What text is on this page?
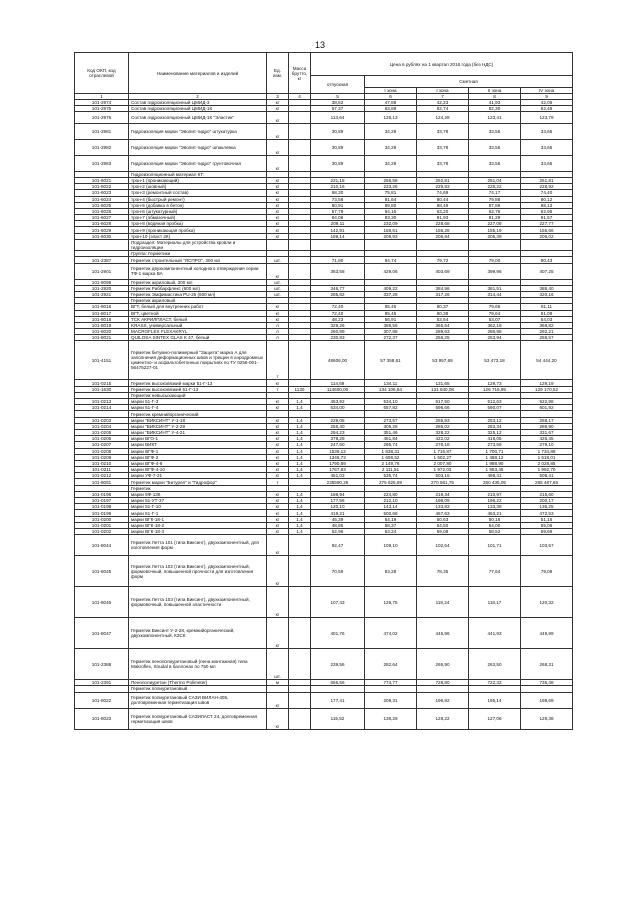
13
Код ОКП, код отраслевой	Наименование материалов и изделий	Ед. изм.	Масса брутто, кг	Цена в рублях на 1 квартал 2016 года (без НДС)				
				отпускная	Сметная			
					I зона	I зона	II зона	IV зона
1	2	3	4	5	6	7	8	9
101-2974	Состав гидроизоляционный ЦМИД-3	кг		38,52	47,88	42,23	41,93	42,06
101-2975	Состав гидроизоляционный ЦМИД-1К	кг		57,37	63,89	62,74	62,30	62,49
101-2976	Состав гидроизоляционный ЦМИД-1К "Эластик"	кг		113,64	126,13	124,28	123,41	123,79
101-2981	Гидроизоляция марки "Эволит-гидро" штукатурка	кг		30,89	34,29	33,78	33,55	33,65
101-2982	Гидроизоляция марки "Эволит-гидро" шпаклевка	кг		30,89	34,29	33,78	33,55	33,65
101-2983	Гидроизоляция марки "Эволит-гидро" грунтовочная	кг		30,89	34,29	33,78	33,55	33,65
	Гидроизоляционный материал КТ:							
101-6021	трон-1 (проникающий)	кг		231,18	256,58	252,81	251,04	251,81
101-6022	трон-2 (шовный)	кг		210,16	233,26	229,83	228,22	228,92
101-6023	трон-3 (ремонтный состав)	кг		68,30	75,81	74,69	74,17	74,40
101-6024	трон-4 (быстрый ремонт)	кг		73,56	81,64	80,44	79,88	80,12
101-6025	трон-5 (добавка в бетон)	кг		80,91	89,80	88,49	87,86	88,13
101-6026	трон-6 (штукатурный)	кг		57,79	64,15	63,20	62,76	62,95
101-6027	трон-7 (обмазочный)	кг		84,06	93,30	91,93	91,29	91,57
101-6028	трон-8 (водяная пробка)	кг		209,11	232,09	228,68	227,08	227,77
101-6029	трон-9 (проникающая пробка)	кг		142,91	158,61	156,28	155,19	155,66
101-6030	трон-10 (эласт 2К)	кг		189,14	209,93	206,84	205,39	206,02
	Подраздел: Материалы для устройства кровли и гидроизоляции							
	Группа: Герметики							
101-2387	Герметик строительный "ЯСПРО", 300 мл	шт.		71,80	84,74	79,72	79,00	80,43
101-2901	Герметик двухкомпонентный холодного отверждения серии ТФ-1 марка ВА	кг		363,58	429,06	403,69	399,96	407,25
101-8096	Герметик акриловый, 300 мл	шт.						
101-2920	Герметик Раббарфлекс (600 мл)	шт.		346,77	409,22	384,96	381,51	388,40
101-2921	Герметик Эмфимастика PU-25 (600 мл)	шт.		285,82	337,28	317,26	314,44	320,16
	Герметик акриловый							
101-8016	ВГТ, белый для внутренних работ	кг		72,40	85,45	80,37	79,66	81,11
101-8017	ВГТ, цветной	кг		72,40	85,45	80,38	79,64	81,09
101-8018	ТСК АКРИЛПЛАСТ, белый	кг		48,23	56,91	53,54	53,07	54,03
101-8019	KRASS, универсальный	л		329,26	388,56	365,54	362,18	368,82
101-8020	MACROFLEX FLEXAKRYL	л		260,89	307,88	289,63	286,98	292,21
101-8021	QUILOSA SINTEX GLAS K 47, белый	л		230,83	272,37	256,25	253,94	258,57
101-4151	Герметик битумно-полимерный "Защита" марка А для заполнения деформационных швов и трещин в аэродромных цементно- и асфальтобетонных покрытиях по ТУ 0256-001-56475227-01	т		48606,00	57 358,61	53 957,69	53 473,18	54 444,20
101-0215	Герметик высоковязкий марки 51-Г-13	кг		114,69	134,11	131,65	129,73	129,19
101-1630	Герметик высоковязкий 51-Г-13	т	1130	114600,00	134 106,84	131 840,08	126 716,95	129 170,52
	Герметик невысыхающий							
101-0213	марки 51-Г-3	кг	1,4	463,92	534,10	517,50	512,63	522,98
101-0214	марки 51-Г-4	кг	1,4	534,00	657,82	596,66	590,07	601,92
	Герметик кремнийорганический							
101-0203	марки "ВИКСИНТ" У-1-18	кг	1,4	229,05	273,57	255,93	253,12	258,17
101-0204	марки "ВИКСИНТ" У-2-28	кг	1,4	256,40	305,28	286,02	283,34	288,90
101-0205	марки "ВИКСИНТ" У-4-21	кг	1,4	294,23	351,46	328,22	325,12	331,67
101-0206	марки ВГО-1	кг	1,4	378,29	451,84	422,02	418,05	426,45
101-0207	марки ВИКТ	кг	1,4	247,60	295,74	276,18	273,59	279,10
101-0208	марки ВГФ-1	кг	1,4	1539,12	1 838,31	1 716,87	1 700,71	1 734,88
101-0209	марки ВГФ-2	кг	1,4	1346,72	1 608,52	1 502,27	1 488,12	1 518,01
101-0210	марки ВГФ-4-6	кг	1,4	1790,89	2 149,76	2 007,80	1 988,90	2 028,85
101-0211	марки ВГФ-4-10	кг	1,4	1767,83	2 111,51	1 972,03	1 953,45	1 992,70
101-0212	марки УФ-7-21	кг	1,4	451,03	535,74	503,15	498,41	508,41
101-8051	Герметик марки "Битурел" и "Гидрофор"	т		235590,26	275 625,69	270 561,75	260 435,05	265 487,65
	Герметик							
101-0196	марки 5Ф-13К	кг	1,4	188,94	224,80	219,34	210,97	215,60
101-0197	марки 51-УТ-37	кг	1,4	177,56	212,10	198,09	196,22	200,17
101-0198	марки 51-Г-10	кг	1,4	120,10	143,14	133,83	133,39	136,25
101-0199	марки 51-Г-1	кг	1,4	419,21	500,68	467,63	463,21	472,53
101-0200	марки ВГК-18-1	кг	1,4	45,39	54,19	50,63	50,16	51,15
101-0201	марки ВГК-18-2	кг	1,4	48,85	58,37	54,50	54,00	55,06
101-0202	марки ВГК-18-3	кг	1,4	52,96	63,24	59,08	58,52	59,69
101-8044	Герметик Летта 101 (типа Виксинт), двухкомпонентный, для изготовления форм	кг		92,47	109,10	102,64	101,71	103,57
101-8045	Герметик Летта 102 (типа Виксинт), двухкомпонентный, формовочный, повышенной прочности для изготовления форм	кг		70,59	83,28	78,35	77,64	79,06
101-8046	Герметик Летта 103 (типа Виксинт), двухкомпонентный, формовочный, повышенной эластичности	кг		107,43	126,75	119,24	118,17	120,32
101-8047	Герметик Виксинт У-2-28, кремнийорганический, двухкомпонентный, КЗСК	кг		401,76	474,02	445,96	441,93	449,99
101-2388	Герметик пенополиуретановый (пена монтажная) типа Makroflex, Soudal в баллонах по 750 мл	шт.		239,56	282,64	265,90	263,50	268,31
101-2391	Пенополиуретан (Thermo Polimeter)	м		656,56	774,77	728,80	722,32	735,48
	Герметик полиуретановый							
101-8022	Герметик полиуретановый САЗИ ВИЛАН-405, долговременная герметизация швов	кг		177,41	209,31	196,92	195,14	198,69
101-8023	Герметик полиуретановый САЗИЛАСТ 24, долговременная герметизация швов	кг		115,52	136,29	128,22	127,06	129,38
